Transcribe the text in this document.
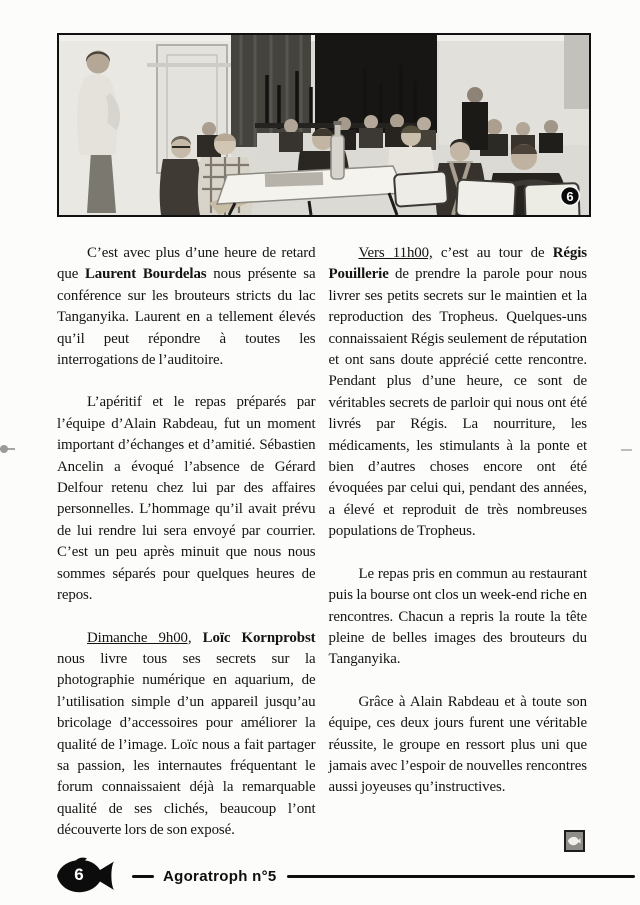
6

C’est avec plus d’une heure de retard que Laurent Bourdelas nous présente sa conférence sur les brouteurs stricts du lac Tanganyika. Laurent en a tellement élevés qu’il peut répondre à toutes les interrogations de l’auditoire.

L’apéritif et le repas préparés par l’équipe d’Alain Rabdeau, fut un moment important d’échanges et d’amitié. Sébastien Ancelin a évoqué l’absence de Gérard Delfour retenu chez lui par des affaires personnelles. L’hommage qu’il avait prévu de lui rendre lui sera envoyé par courrier. C’est un peu après minuit que nous nous sommes séparés pour quelques heures de repos.

Dimanche 9h00, Loïc Kornprobst nous livre tous ses secrets sur la photographie numérique en aquarium, de l’utilisation simple d’un appareil jusqu’au bricolage d’accessoires pour améliorer la qualité de l’image. Loïc nous a fait partager sa passion, les internautes fréquentant le forum connaissaient déjà la remarquable qualité de ses clichés, beaucoup l’ont découverte lors de son exposé.

Vers 11h00, c’est au tour de Régis Pouillerie de prendre la parole pour nous livrer ses petits secrets sur le maintien et la reproduction des Tropheus. Quelques-uns connaissaient Régis seulement de réputation et ont sans doute apprécié cette rencontre. Pendant plus d’une heure, ce sont de véritables secrets de parloir qui nous ont été livrés par Régis. La nourriture, les médicaments, les stimulants à la ponte et bien d’autres choses encore ont été évoquées par celui qui, pendant des années, a élevé et reproduit de très nombreuses populations de Tropheus.

Le repas pris en commun au restaurant puis la bourse ont clos un week-end riche en rencontres. Chacun a repris la route la tête pleine de belles images des brouteurs du Tanganyika.

Grâce à Alain Rabdeau et à toute son équipe, ces deux jours furent une véritable réussite, le groupe en ressort plus uni que jamais avec l’espoir de nouvelles rencontres aussi joyeuses qu’instructives.

6	Agoratroph n°5
